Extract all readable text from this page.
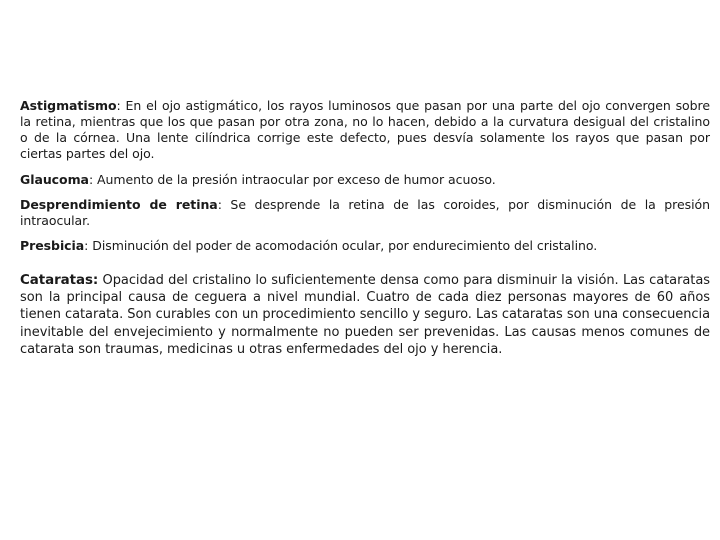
Astigmatismo: En el ojo astigmático, los rayos luminosos que pasan por una parte del ojo convergen sobre la retina, mientras que los que pasan por otra zona, no lo hacen, debido a la curvatura desigual del cristalino o de la córnea. Una lente cilíndrica corrige este defecto, pues desvía solamente los rayos que pasan por ciertas partes del ojo.

Glaucoma: Aumento de la presión intraocular por exceso de humor acuoso.

Desprendimiento de retina: Se desprende la retina de las coroides, por disminución de la presión intraocular.

Presbicia: Disminución del poder de acomodación ocular, por endurecimiento del cristalino.

Cataratas: Opacidad del cristalino lo suficientemente densa como para disminuir la visión. Las cataratas son la principal causa de ceguera a nivel mundial. Cuatro de cada diez personas mayores de 60 años tienen catarata. Son curables con un procedimiento sencillo y seguro. Las cataratas son una consecuencia inevitable del envejecimiento y normalmente no pueden ser prevenidas. Las causas menos comunes de catarata son traumas, medicinas u otras enfermedades del ojo y herencia.
